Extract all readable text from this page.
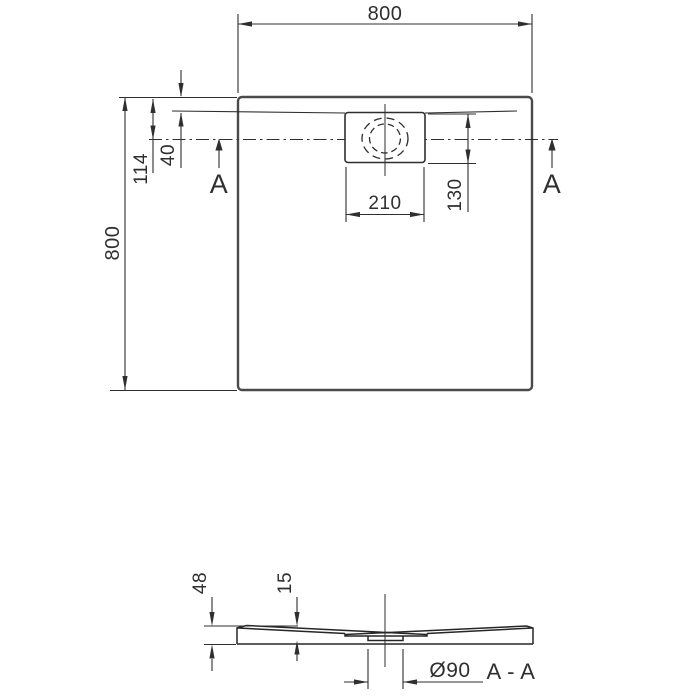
800
800
114 40
130
210
A	A
48	15
Ø90 A - A
